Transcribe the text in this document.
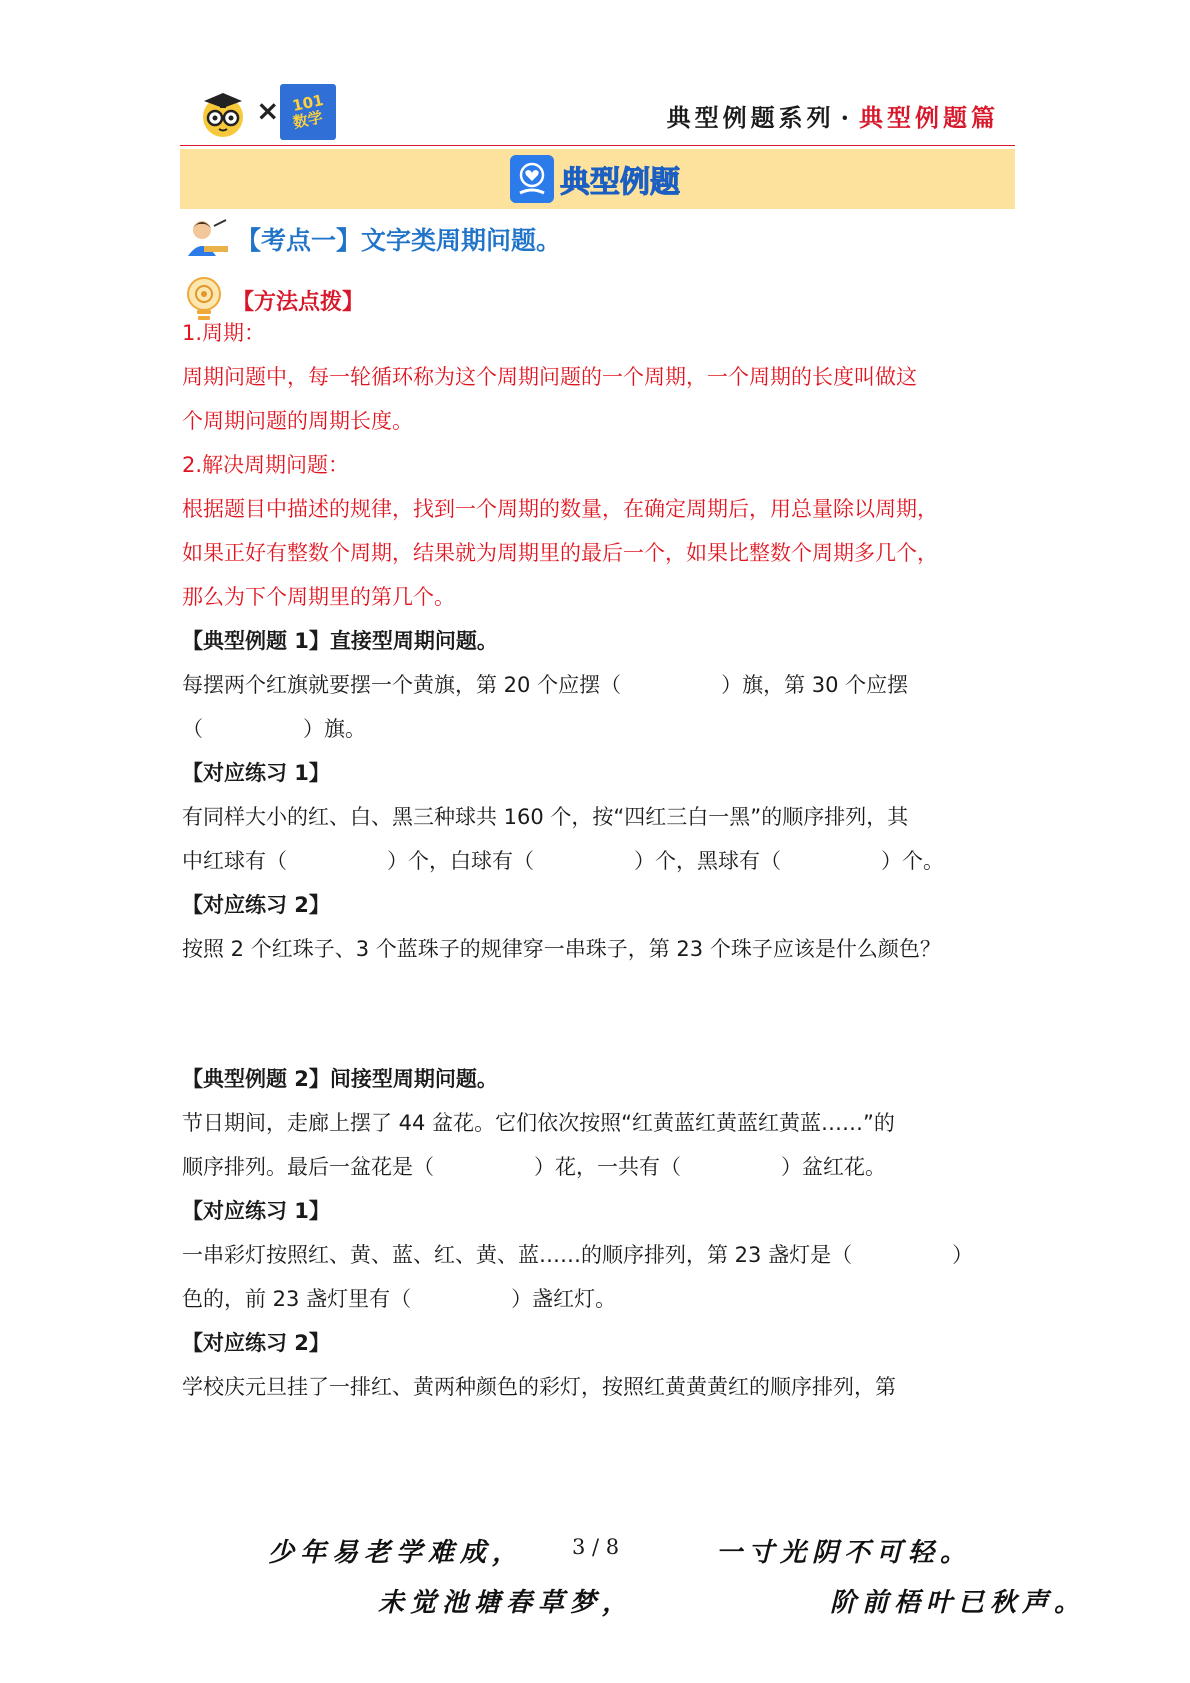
× 101
数学	典型例题系列 · 典型例题篇
典型例题
【考点一】文字类周期问题。
【方法点拨】
1.周期：
周期问题中，每一轮循环称为这个周期问题的一个周期，一个周期的长度叫做这
个周期问题的周期长度。
2.解决周期问题：
根据题目中描述的规律，找到一个周期的数量，在确定周期后，用总量除以周期，
如果正好有整数个周期，结果就为周期里的最后一个，如果比整数个周期多几个，
那么为下个周期里的第几个。
【典型例题 1】直接型周期问题。
每摆两个红旗就要摆一个黄旗，第 20 个应摆（	）旗，第 30 个应摆
（	）旗。
【对应练习 1】
有同样大小的红、白、黑三种球共 160 个，按“四红三白一黑”的顺序排列，其
中红球有（	）个，白球有（	）个，黑球有（	）个。
【对应练习 2】
按照 2 个红珠子、3 个蓝珠子的规律穿一串珠子，第 23 个珠子应该是什么颜色？
【典型例题 2】间接型周期问题。
节日期间，走廊上摆了 44 盆花。它们依次按照“红黄蓝红黄蓝红黄蓝……”的
顺序排列。最后一盆花是（	）花，一共有（	）盆红花。
【对应练习 1】
一串彩灯按照红、黄、蓝、红、黄、蓝……的顺序排列，第 23 盏灯是（	）
色的，前 23 盏灯里有（	）盏红灯。
【对应练习 2】
学校庆元旦挂了一排红、黄两种颜色的彩灯，按照红黄黄黄红的顺序排列，第
少年易老学难成， 3 / 8	一寸光阴不可轻。
未觉池塘春草梦，	阶前梧叶已秋声。
